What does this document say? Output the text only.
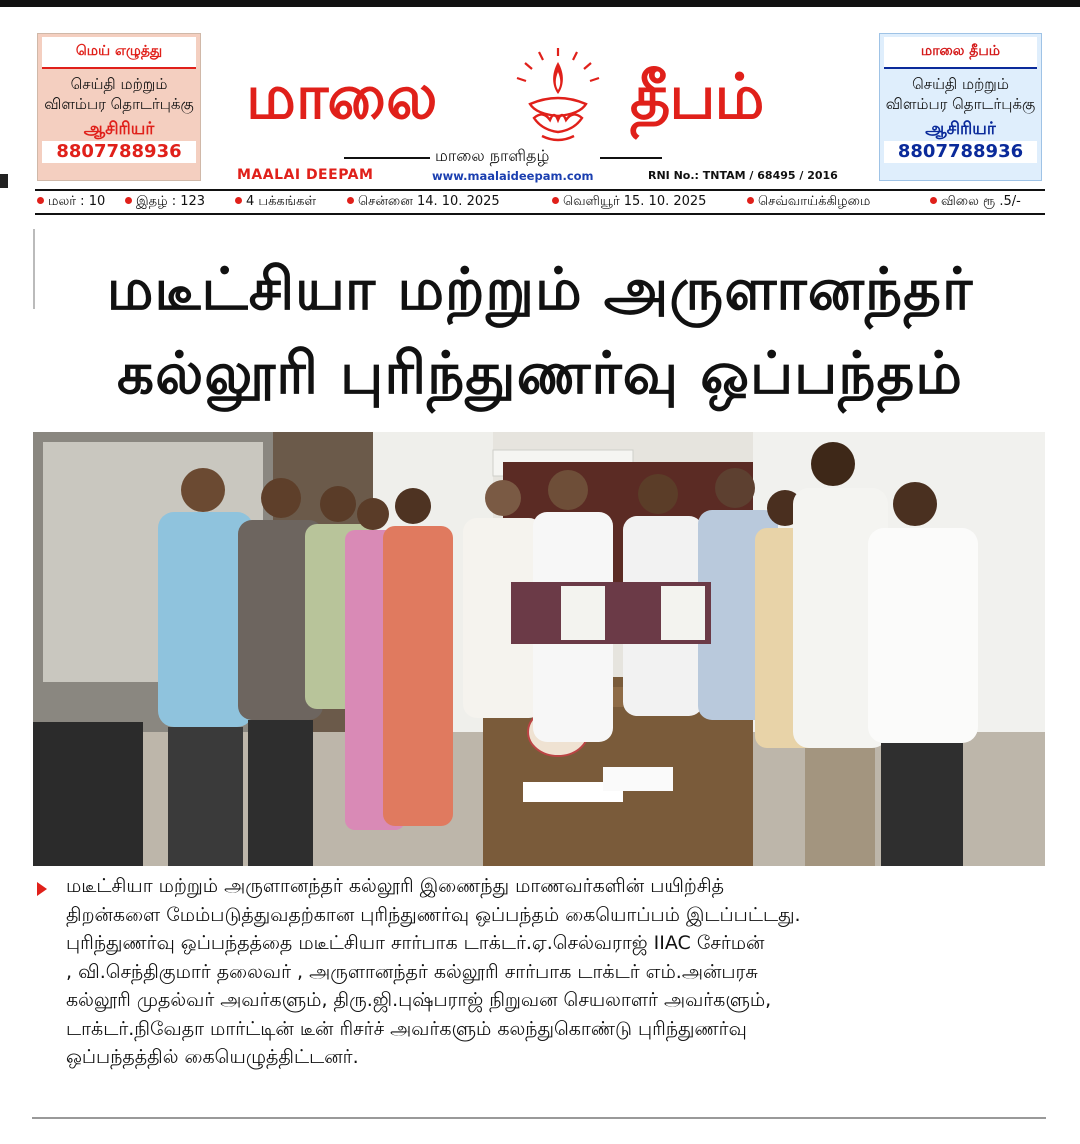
மெய் எழுத்து
செய்தி மற்றும்
விளம்பர தொடர்புக்கு
ஆசிரியர்
8807788936
மாலை தீபம்
செய்தி மற்றும்
விளம்பர தொடர்புக்கு
ஆசிரியர்
8807788936
மாலை	தீபம்
மாலை நாளிதழ்
MAALAI DEEPAM	www.maalaideepam.com	RNI No.: TNTAM / 68495 / 2016
மலர் : 10	இதழ் : 123	4 பக்கங்கள்	சென்னை 14. 10. 2025	வெளியூர் 15. 10. 2025	செவ்வாய்க்கிழமை	விலை ரூ .5/-
மடீட்சியா மற்றும் அருளானந்தர்
கல்லூரி புரிந்துணர்வு ஒப்பந்தம்

மடீட்சியா மற்றும் அருளானந்தர் கல்லூரி இணைந்து மாணவர்களின் பயிற்சித்

திறன்களை மேம்படுத்துவதற்கான புரிந்துணர்வு ஒப்பந்தம் கையொப்பம் இடப்பட்டது.

புரிந்துணர்வு ஒப்பந்தத்தை மடீட்சியா சார்பாக டாக்டர்.ஏ.செல்வராஜ் IIAC சேர்மன்

, வி.செந்திகுமார் தலைவர் , அருளானந்தர் கல்லூரி சார்பாக டாக்டர் எம்.அன்பரசு

கல்லூரி முதல்வர் அவர்களும், திரு.ஜி.புஷ்பராஜ் நிறுவன செயலாளர் அவர்களும்,

டாக்டர்.நிவேதா மார்ட்டின் டீன் ரிசர்ச் அவர்களும் கலந்துகொண்டு புரிந்துணர்வு

ஒப்பந்தத்தில் கையெழுத்திட்டனர்.
